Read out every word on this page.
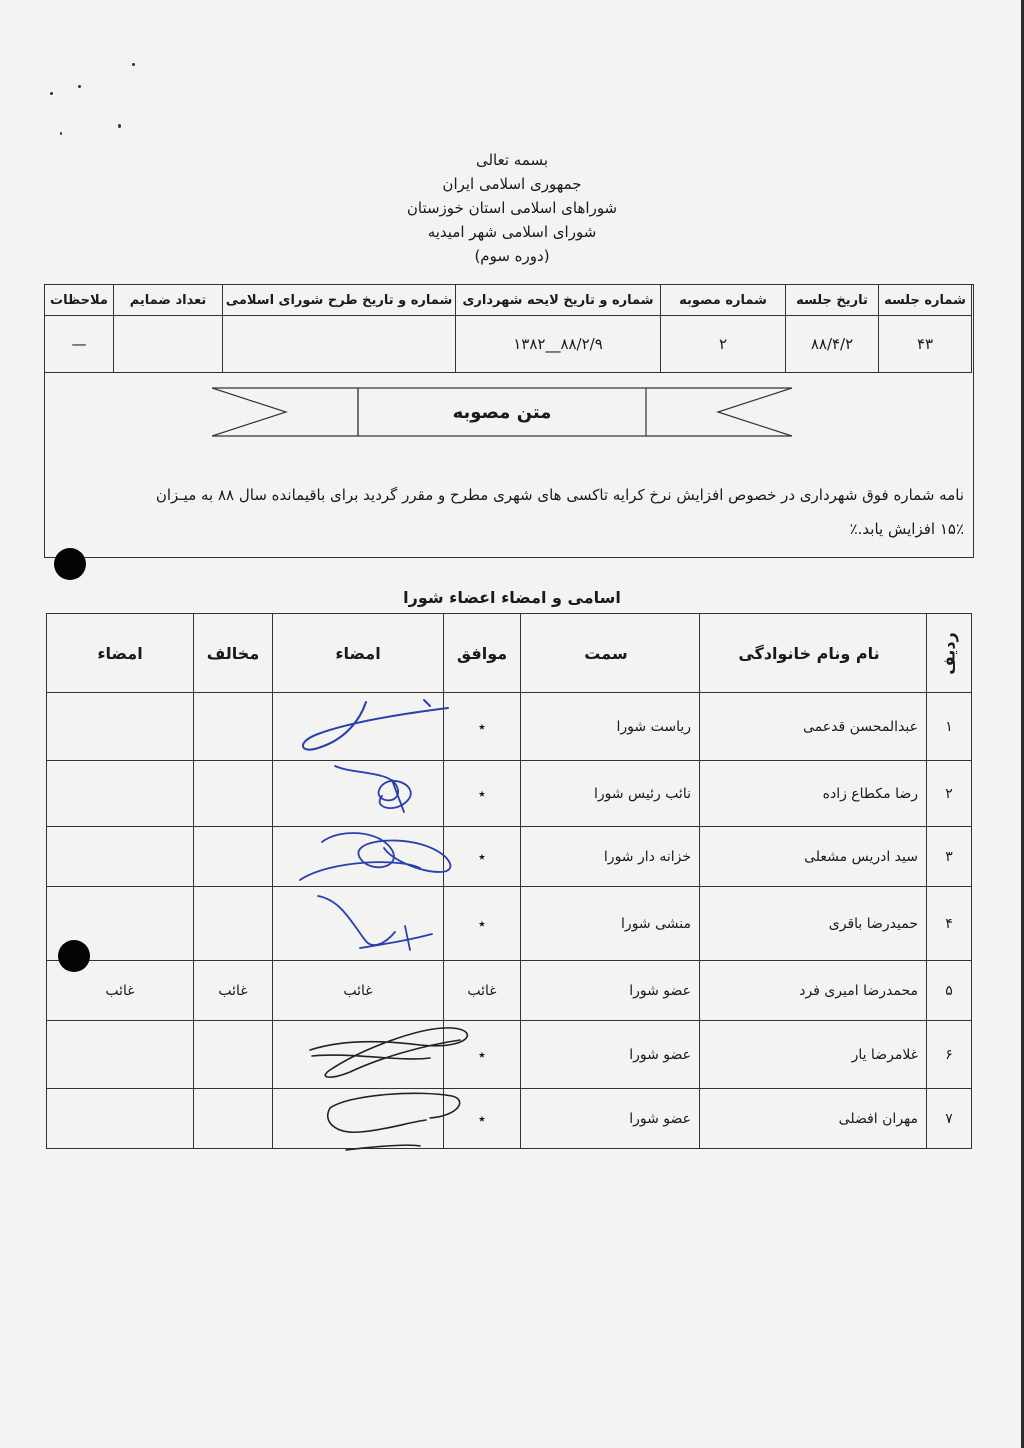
بسمه تعالی
جمهوری اسلامی ایران
شوراهای اسلامی استان خوزستان
شورای اسلامی شهر امیدیه
(دوره سوم)
شماره جلسه	تاریخ جلسه	شماره مصوبه	شماره و تاریخ لایحه شهرداری	شماره و تاریخ طرح شورای اسلامی	تعداد ضمایم	ملاحظات
۴۳	۸۸/۴/۲	۲	۸۸/۲/۹__۱۳۸۲			—
متن مصوبه
نامه شماره فوق شهرداری در خصوص افزایش نرخ کرایه تاکسی های شهری مطرح و مقرر گردید برای باقیمانده سال ۸۸ به میـزان
۱۵٪ افزایش یابد.٪
اسامی و امضاء اعضاء شورا
ردیف	نام ونام خانوادگی	سمت	موافق	امضاء	مخالف	امضاء
۱	عبدالمحسن قدعمی	ریاست شورا	٭			
۲	رضا مکطاع زاده	نائب رئیس شورا	٭			
۳	سید ادریس مشعلی	خزانه دار شورا	٭			
۴	حمیدرضا باقری	منشی شورا	٭			
۵	محمدرضا امیری فرد	عضو شورا	غائب	غائب	غائب	غائب
۶	غلامرضا یار	عضو شورا	٭			
۷	مهران افضلی	عضو شورا	٭			
